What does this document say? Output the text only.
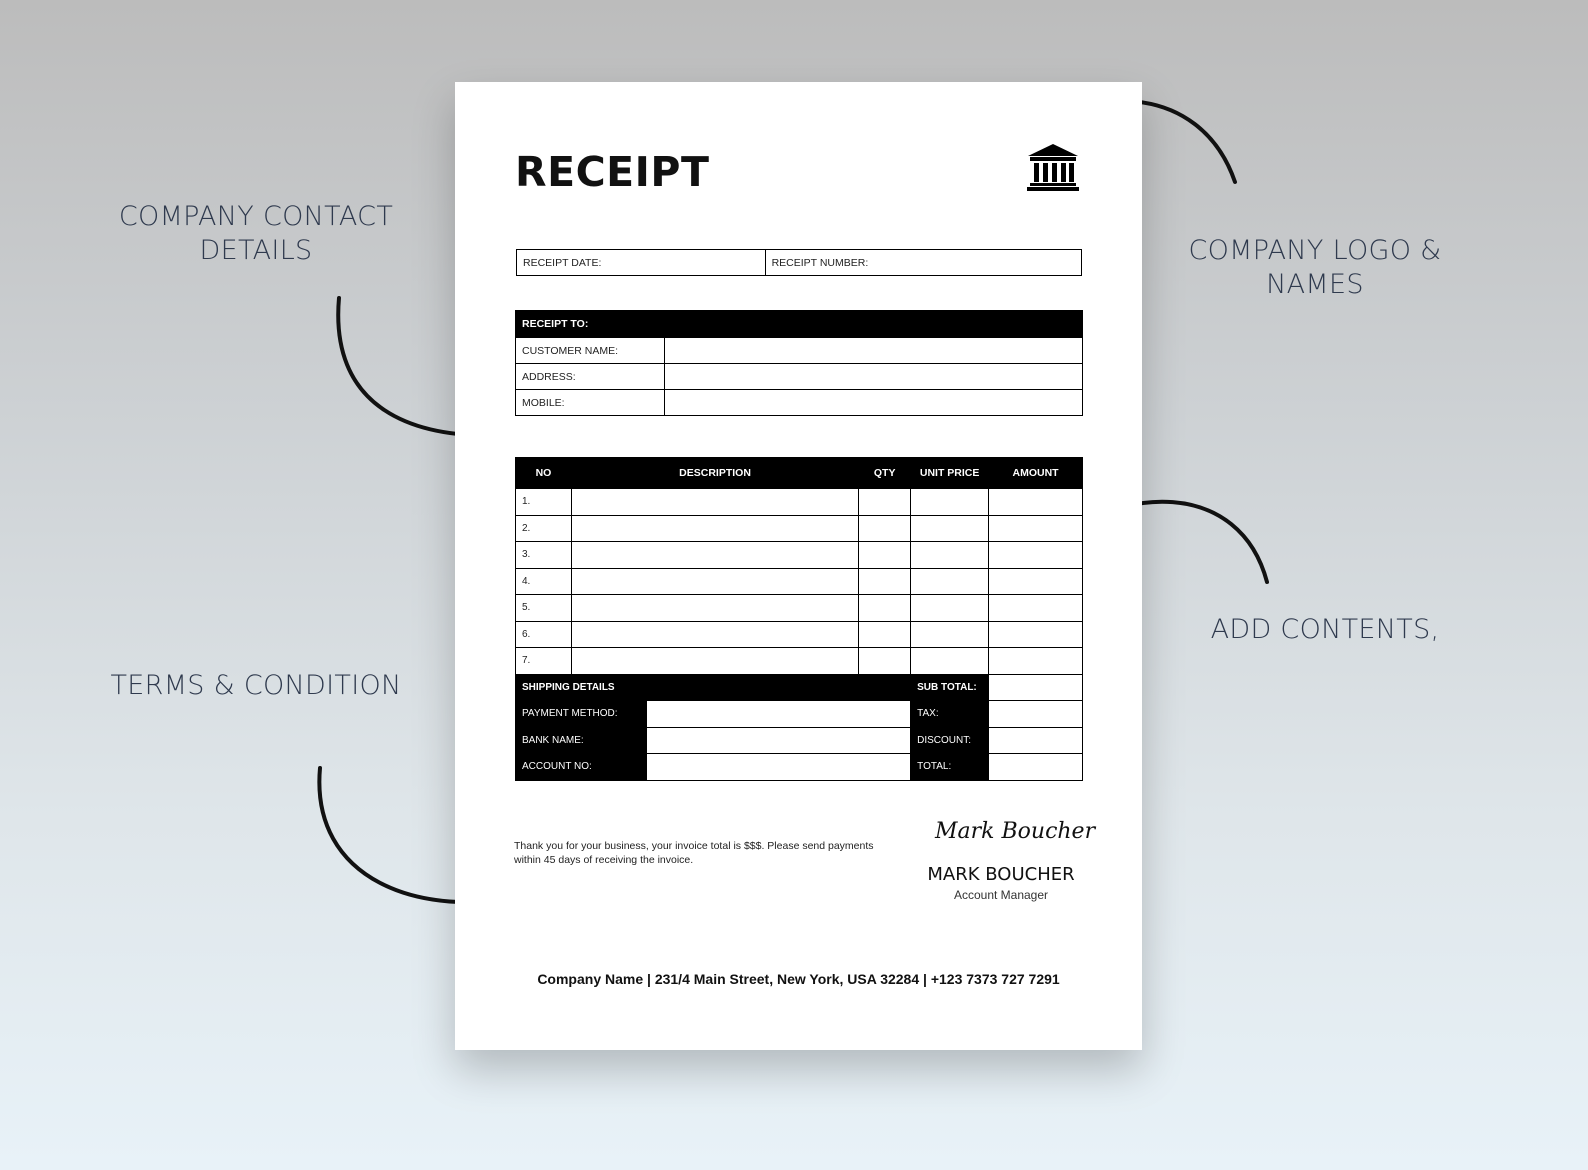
COMPANY CONTACT DETAILS	COMPANY LOGO & NAMES
ADD CONTENTS,
TERMS & CONDITION
RECEIPT
RECEIPT DATE:	RECEIPT NUMBER:
RECEIPT TO:	
CUSTOMER NAME:	
ADDRESS:	
MOBILE:	
NO	DESCRIPTION		QTY	UNIT PRICE	AMOUNT
1.					
2.					
3.					
4.					
5.					
6.					
7.					
SHIPPING DETAILS				SUB TOTAL:	
PAYMENT METHOD:				TAX:	
BANK NAME:				DISCOUNT:	
ACCOUNT NO:				TOTAL:	
Thank you for your business, your invoice total is $$$. Please send payments within 45 days of receiving the invoice.
Mark Boucher
MARK BOUCHER
Account Manager
Company Name | 231/4 Main Street, New York, USA 32284 | +123 7373 727 7291
